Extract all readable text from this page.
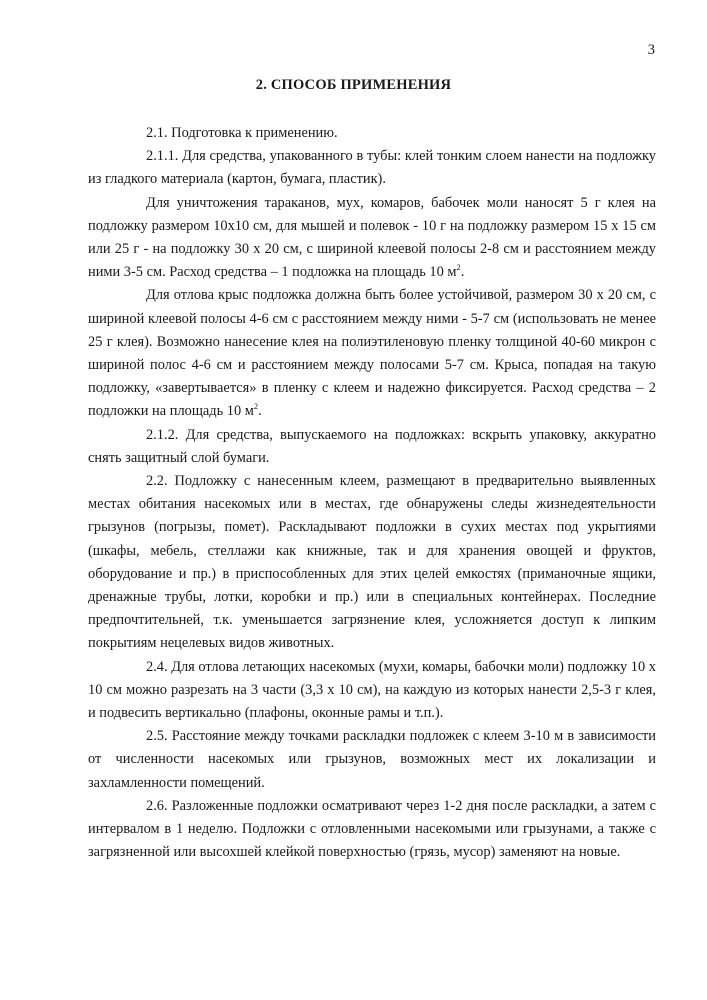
3
2. СПОСОБ ПРИМЕНЕНИЯ

2.1. Подготовка к применению.

2.1.1. Для средства, упакованного в тубы: клей тонким слоем нанести на подложку из гладкого материала (картон, бумага, пластик).

Для уничтожения тараканов, мух, комаров, бабочек моли наносят 5 г клея на подложку размером 10х10 см, для мышей и полевок - 10 г на подложку размером 15 х 15 см или 25 г - на подложку 30 х 20 см, с шириной клеевой полосы 2-8 см и расстоянием между ними 3-5 см. Расход средства – 1 подложка на площадь 10 $м^2$.

Для отлова крыс подложка должна быть более устойчивой, размером 30 х 20 см, с шириной клеевой полосы 4-6 см с расстоянием между ними - 5-7 см (использовать не менее 25 г клея). Возможно нанесение клея на полиэтиленовую пленку толщиной 40-60 микрон с шириной полос 4-6 см и расстоянием между полосами 5-7 см. Крыса, попадая на такую подложку, «завертывается» в пленку с клеем и надежно фиксируется. Расход средства – 2 подложки на площадь 10 $м^2$.

2.1.2. Для средства, выпускаемого на подложках: вскрыть упаковку, аккуратно снять защитный слой бумаги.

2.2. Подложку с нанесенным клеем, размещают в предварительно выявленных местах обитания насекомых или в местах, где обнаружены следы жизнедеятельности грызунов (погрызы, помет). Раскладывают подложки в сухих местах под укрытиями (шкафы, мебель, стеллажи как книжные, так и для хранения овощей и фруктов, оборудование и пр.) в приспособленных для этих целей емкостях (приманочные ящики, дренажные трубы, лотки, коробки и пр.) или в специальных контейнерах. Последние предпочтительней, т.к. уменьшается загрязнение клея, усложняется доступ к липким покрытиям нецелевых видов животных.

2.4. Для отлова летающих насекомых (мухи, комары, бабочки моли) подложку 10 х 10 см можно разрезать на 3 части (3,3 х 10 см), на каждую из которых нанести 2,5-3 г клея, и подвесить вертикально (плафоны, оконные рамы и т.п.).

2.5. Расстояние между точками раскладки подложек с клеем 3-10 м в зависимости от численности насекомых или грызунов, возможных мест их локализации и захламленности помещений.

2.6. Разложенные подложки осматривают через 1-2 дня после раскладки, а затем с интервалом в 1 неделю. Подложки с отловленными насекомыми или грызунами, а также с загрязненной или высохшей клейкой поверхностью (грязь, мусор) заменяют на новые.
